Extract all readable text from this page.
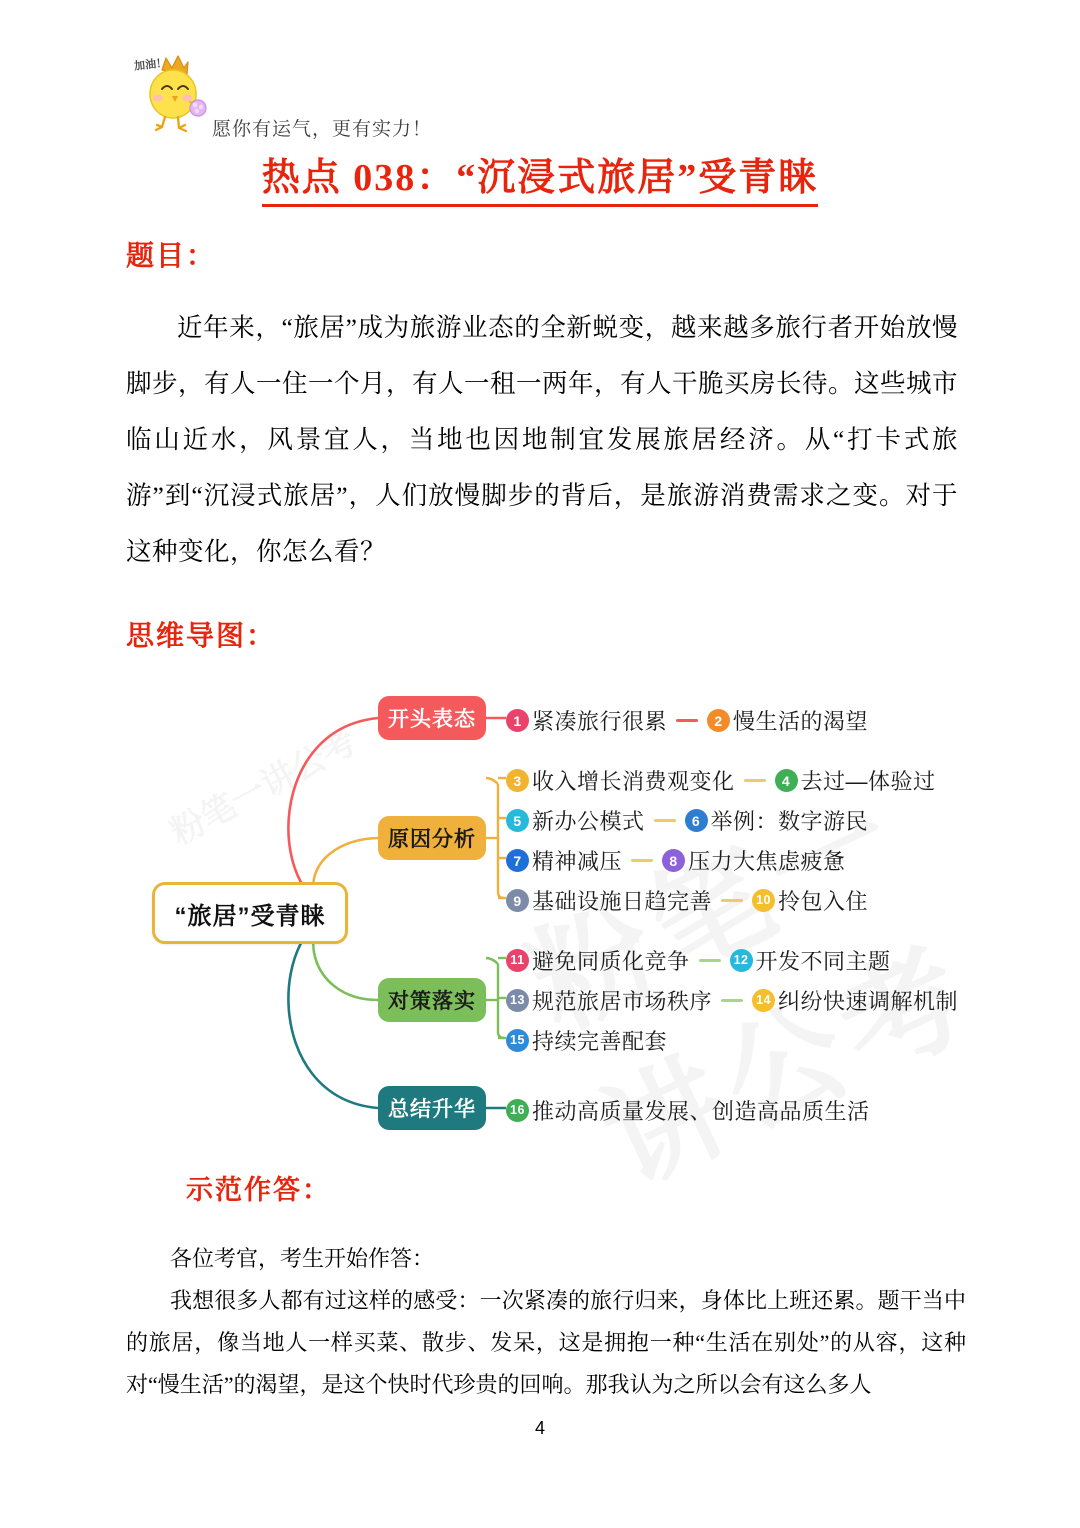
加油！
愿你有运气，更有实力！
热点 038：“沉浸式旅居”受青睐
题目：

近年来，“旅居”成为旅游业态的全新蜕变，越来越多旅行者开始放慢脚步，有人一住一个月，有人一租一两年，有人干脆买房长待。这些城市临山近水，风景宜人，当地也因地制宜发展旅居经济。从“打卡式旅游”到“沉浸式旅居”，人们放慢脚步的背后，是旅游消费需求之变。对于这种变化，你怎么看？

思维导图：
“旅居”受青睐
开头表态
原因分析
对策落实
总结升华
1 紧凑旅行很累	2 慢生活的渴望
3 收入增长消费观变化	4 去过—体验过
5 新办公模式	6 举例：数字游民
7 精神减压	8 压力大焦虑疲惫
9 基础设施日趋完善	10 拎包入住
11 避免同质化竞争	12 开发不同主题
13 规范旅居市场秩序	14 纠纷快速调解机制
15 持续完善配套
16 推动高质量发展、创造高品质生活
示范作答：

各位考官，考生开始作答：

我想很多人都有过这样的感受：一次紧凑的旅行归来，身体比上班还累。题干当中的旅居，像当地人一样买菜、散步、发呆，这是拥抱一种“生活在别处”的从容，这种对“慢生活”的渴望，是这个快时代珍贵的回响。那我认为之所以会有这么多人

4
